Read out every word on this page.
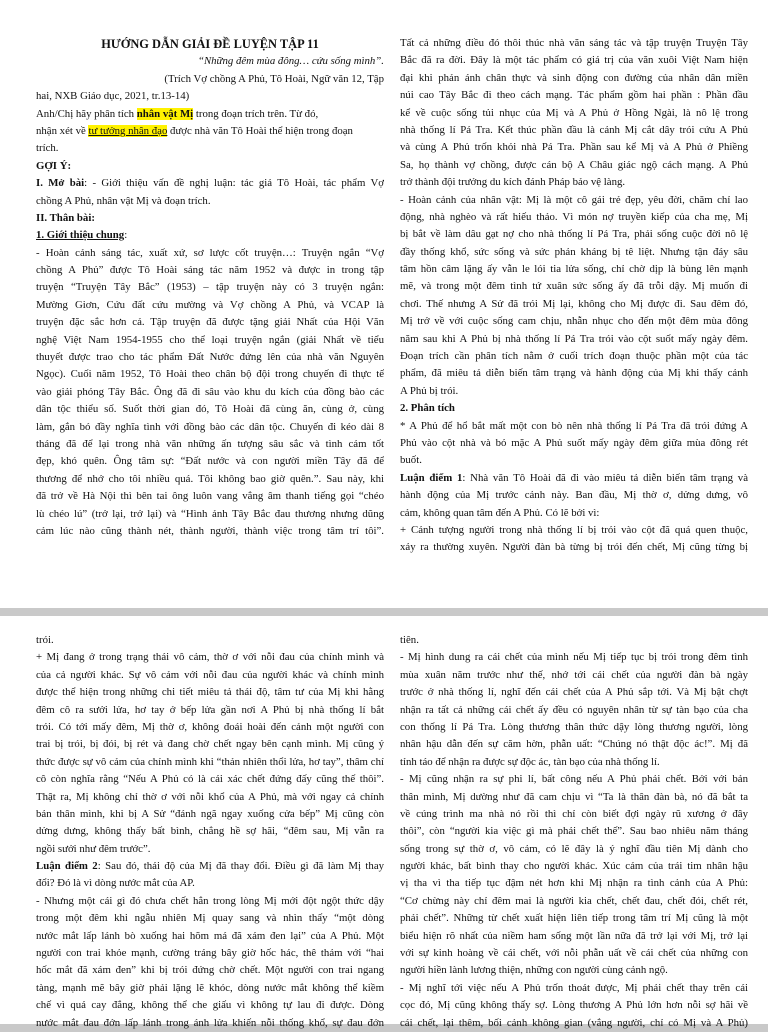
HƯỚNG DẪN GIẢI ĐỀ LUYỆN TẬP 11
“Những đêm mùa đông… cứu sống mình”.
(Trích Vợ chồng A Phủ, Tô Hoài, Ngữ văn 12, Tập
hai, NXB Giáo dục, 2021, tr.13-14)
Anh/Chị hãy phân tích nhân vật Mị trong đoạn trích trên. Từ đó,
nhận xét về tư tưởng nhân đạo được nhà văn Tô Hoài thể hiện trong đoạn
trích.
GỢI Ý:
I. Mở bài: - Giới thiệu vấn đề nghị luận: tác giả Tô Hoài, tác phẩm Vợ
chồng A Phủ, nhân vật Mị và đoạn trích.
II. Thân bài:
1. Giới thiệu chung:
- Hoàn cảnh sáng tác, xuất xứ, sơ lược cốt truyện…: Truyện ngắn “Vợ
chồng A Phủ” được Tô Hoài sáng tác năm 1952 và được in trong tập
truyện “Truyện Tây Bắc” (1953) – tập truyện này có 3 truyện ngắn:
Mường Giơn, Cứu đất cứu mường và Vợ chồng A Phủ, và VCAP là
truyện đặc sắc hơn cả. Tập truyện đã được tặng giải Nhất của Hội Văn
nghệ Việt Nam 1954-1955 cho thể loại truyện ngắn (giải Nhất về tiểu
thuyết được trao cho tác phẩm Đất Nước đứng lên của nhà văn Nguyên
Ngọc). Cuối năm 1952, Tô Hoài theo chân bộ đội trong chuyến đi thực tế
vào giải phóng Tây Bắc. Ông đã đi sâu vào khu du kích của đồng bào các
dân tộc thiểu số. Suốt thời gian đó, Tô Hoài đã cùng ăn, cùng ở, cùng
làm, gắn bó đầy nghĩa tình với đồng bào các dân tộc. Chuyến đi kéo dài 8
tháng đã để lại trong nhà văn những ấn tượng sâu sắc và tình cảm tốt
đẹp, khó quên. Ông tâm sự: “Đất nước và con người miền Tây đã để
thương để nhớ cho tôi nhiều quá. Tôi không bao giờ quên.”. Sau này, khi
đã trở về Hà Nội thì bên tai ông luôn vang vẳng âm thanh tiếng gọi “chéo
lù chéo lú” (trở lại, trở lại) và “Hình ảnh Tây Bắc đau thương nhưng dũng
cảm lúc nào cũng thành nét, thành người, thành việc trong tâm trí tôi”.
Tất cả những điều đó thôi thúc nhà văn sáng tác và tập truyện Truyện Tây
Bắc đã ra đời. Đây là một tác phẩm có giá trị của văn xuôi Việt Nam hiện
đại khi phản ánh chân thực và sinh động con đường của nhân dân miền
núi cao Tây Bắc đi theo cách mạng. Tác phẩm gồm hai phần : Phần đầu
kể về cuộc sống tủi nhục của Mị và A Phủ ở Hồng Ngài, là nô lệ trong
nhà thống lí Pá Tra. Kết thúc phần đầu là cảnh Mị cắt dây trói cứu A Phủ
và cùng A Phủ trốn khỏi nhà Pá Tra. Phần sau kể Mị và A Phủ ở Phiềng
Sa, họ thành vợ chồng, được cán bộ A Châu giác ngộ cách mạng. A Phủ
trở thành đội trưởng du kích đánh Pháp bảo vệ làng.
- Hoàn cảnh của nhân vật: Mị là một cô gái trẻ đẹp, yêu đời, chăm chỉ lao
động, nhà nghèo và rất hiếu thảo. Vì món nợ truyền kiếp của cha mẹ, Mị
bị bắt về làm dâu gạt nợ cho nhà thống lí Pá Tra, phải sống cuộc đời nô lệ
đầy thống khổ, sức sống và sức phản kháng bị tê liệt. Nhưng tận đáy sâu
tâm hồn câm lặng ấy vẫn le lói tia lửa sống, chỉ chờ dịp là bùng lên mạnh
mẽ, và trong một đêm tình tứ xuân sức sống ấy đã trỗi dậy. Mị muốn đi
chơi. Thế nhưng A Sử đã trói Mị lại, không cho Mị được đi. Sau đêm đó,
Mị trở về với cuộc sống cam chịu, nhẫn nhục cho đến một đêm mùa đông
năm sau khi A Phủ bị nhà thống lí Pá Tra trói vào cột suốt mấy ngày đêm.
Đoạn trích cần phân tích nằm ở cuối trích đoạn thuộc phần một của tác
phẩm, đã miêu tả diễn biến tâm trạng và hành động của Mị khi thấy cảnh
A Phủ bị trói.
2. Phân tích
* A Phủ để hổ bắt mất một con bò nên nhà thống lí Pá Tra đã trói đứng A
Phủ vào cột nhà và bỏ mặc A Phủ suốt mấy ngày đêm giữa mùa đông rét
buốt.
Luận điểm 1: Nhà văn Tô Hoài đã đi vào miêu tả diễn biến tâm trạng và
hành động của Mị trước cảnh này. Ban đầu, Mị thờ ơ, dửng dưng, vô
cảm, không quan tâm đến A Phủ. Có lẽ bởi vì:
+ Cảnh tượng người trong nhà thống lí bị trói vào cột đã quá quen thuộc,
xảy ra thường xuyên. Người đàn bà từng bị trói đến chết, Mị cũng từng bị
trói.
+ Mị đang ở trong trạng thái vô cảm, thờ ơ với nỗi đau của chính mình và
của cả người khác. Sự vô cảm với nỗi đau của người khác và chính mình
được thể hiện trong những chi tiết miêu tả thái độ, tâm tư của Mị khi hằng
đêm cô ra sưởi lửa, hơ tay ở bếp lửa gần nơi A Phủ bị nhà thống lí bắt
trói. Có tới mấy đêm, Mị thờ ơ, không đoái hoài đến cảnh một người con
trai bị trói, bị đói, bị rét và đang chờ chết ngay bên cạnh mình. Mị cũng ý
thức được sự vô cảm của chính mình khi “thản nhiên thổi lửa, hơ tay”, thâm chí
cô còn nghĩa rằng “Nếu A Phủ có là cái xác chết đứng đấy cũng thế thôi”.
Thật ra, Mị không chỉ thờ ơ với nỗi khổ của A Phủ, mà với ngay cả chính
bản thân mình, khi bị A Sử “đánh ngã ngay xuống cửa bếp” Mị cũng còn
dửng dưng, không thấy bất bình, chẳng hề sợ hãi, “đêm sau, Mị vẫn ra
ngồi sưởi như đêm trước”.
Luận điểm 2: Sau đó, thái độ của Mị đã thay đổi. Điều gì đã làm Mị thay
đổi? Đó là vì dòng nước mắt của AP.
- Nhưng một cái gì đó chưa chết hẳn trong lòng Mị mới đột ngột thức dậy
trong một đêm khi ngẫu nhiên Mị quay sang và nhìn thấy “một dòng
nước mắt lấp lánh bò xuống hai hõm má đã xám đen lại” của A Phủ. Một
người con trai khỏe mạnh, cường tráng bây giờ hốc hác, thê thảm với “hai
hốc mắt đã xám đen” khi bị trói đứng chờ chết. Một người con trai ngang
tàng, mạnh mẽ bây giờ phải lặng lẽ khóc, dòng nước mắt không thể kiềm
chế vì quá cay đắng, không thể che giấu vì không tự lau đi được. Dòng
nước mắt đau đớn lấp lánh trong ánh lửa khiến nỗi thống khổ, sự đau đớn
tiên.
- Mị hình dung ra cái chết của mình nếu Mị tiếp tục bị trói trong đêm tình
mùa xuân năm trước như thế, nhớ tới cái chết của người đàn bà ngày
trước ở nhà thống lí, nghĩ đến cái chết của A Phủ sắp tới. Và Mị bật chợt
nhận ra tất cả những cái chết ấy đều có nguyên nhân từ sự tàn bạo của cha
con thống lí Pá Tra. Lòng thương thân thức dậy lòng thương người, lòng
nhân hậu dẫn đến sự căm hờn, phẫn uất: “Chúng nó thật độc ác!”. Mị đã
tỉnh táo để nhận ra được sự độc ác, tàn bạo của nhà thống lí.
- Mị cũng nhận ra sự phi lí, bất công nếu A Phủ phải chết. Bởi với bản
thân mình, Mị dường như đã cam chịu vì “Ta là thân đàn bà, nó đã bắt ta
về cúng trình ma nhà nó rồi thì chỉ còn biết đợi ngày rũ xương ở đây
thôi”, còn “người kia việc gì mà phải chết thế”. Sau bao nhiêu năm tháng
sống trong sự thờ ơ, vô cảm, có lẽ đây là ý nghĩ đầu tiên Mị dành cho
người khác, bất bình thay cho người khác. Xúc cảm của trái tim nhân hậu
vị tha vì tha tiếp tục đậm nét hơn khi Mị nhận ra tình cảnh của A Phủ:
“Cơ chừng này chỉ đêm mai là người kia chết, chết đau, chết đói, chết rét,
phải chết”. Những từ chết xuất hiện liên tiếp trong tâm trí Mị cũng là một
biểu hiện rõ nhất của niềm ham sống một lần nữa đã trở lại với Mị, trở lại
với sự kinh hoàng về cái chết, với nỗi phẫn uất về cái chết của những con
người hiền lành lương thiện, những con người cùng cảnh ngộ.
- Mị nghĩ tới việc nếu A Phủ trốn thoát được, Mị phải chết thay trên cái
cọc đó, Mị cũng không thấy sợ. Lòng thương A Phủ lớn hơn nỗi sợ hãi về
cái chết, lại thêm, bối cảnh không gian (vắng người, chỉ có Mị và A Phủ)
